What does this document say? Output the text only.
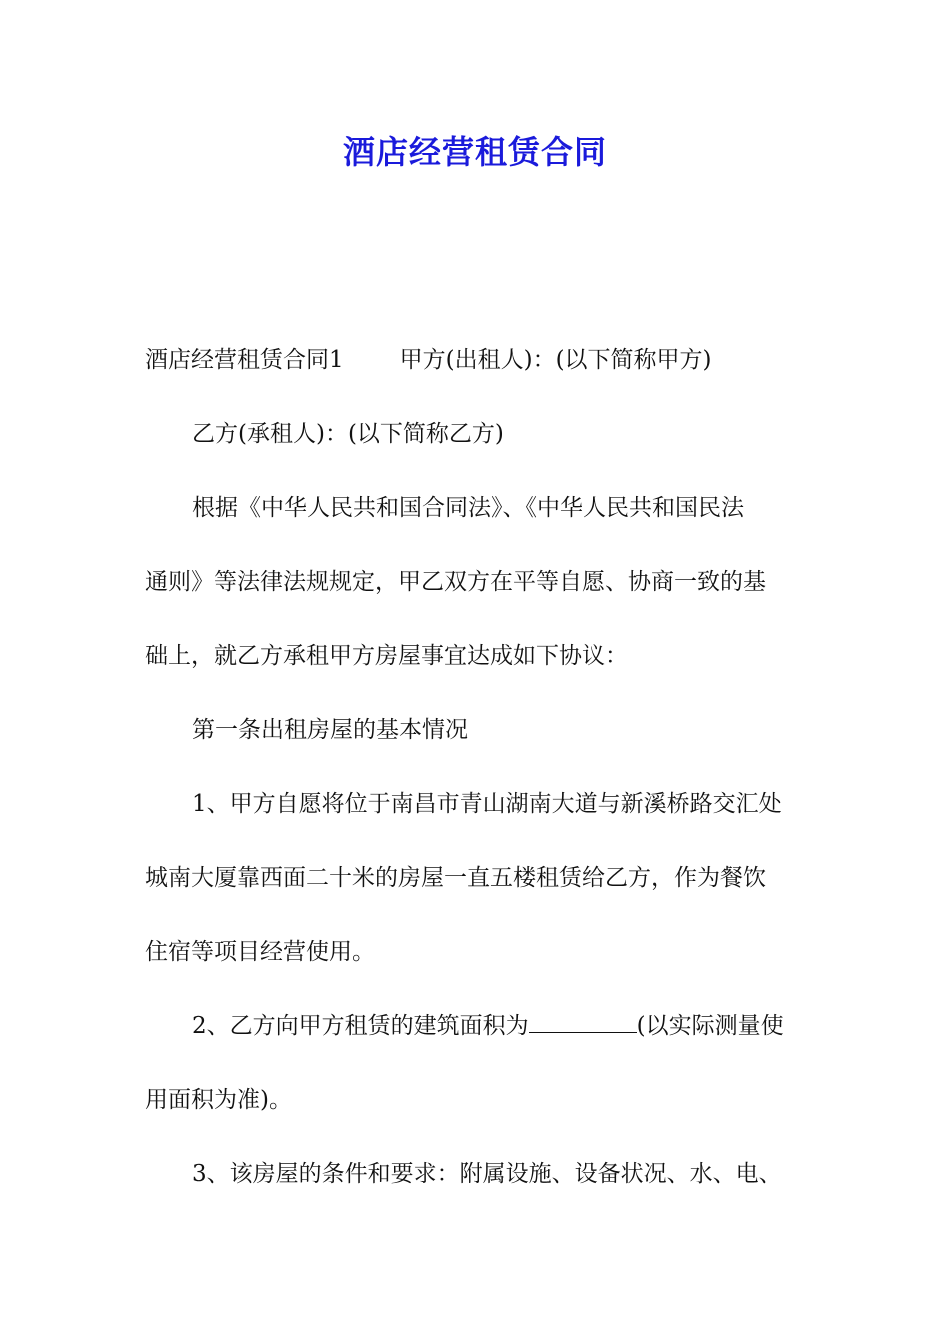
酒店经营租赁合同
酒店经营租赁合同1 甲方(出租人)：(以下简称甲方)
乙方(承租人)：(以下简称乙方)
根据《中华人民共和国合同法》、《中华人民共和国民法
通则》等法律法规规定，甲乙双方在平等自愿、协商一致的基
础上，就乙方承租甲方房屋事宜达成如下协议：
第一条出租房屋的基本情况
1、甲方自愿将位于南昌市青山湖南大道与新溪桥路交汇处
城南大厦靠西面二十米的房屋一直五楼租赁给乙方，作为餐饮
住宿等项目经营使用。
2、乙方向甲方租赁的建筑面积为	(以实际测量使
用面积为准)。
3、该房屋的条件和要求：附属设施、设备状况、水、电、
